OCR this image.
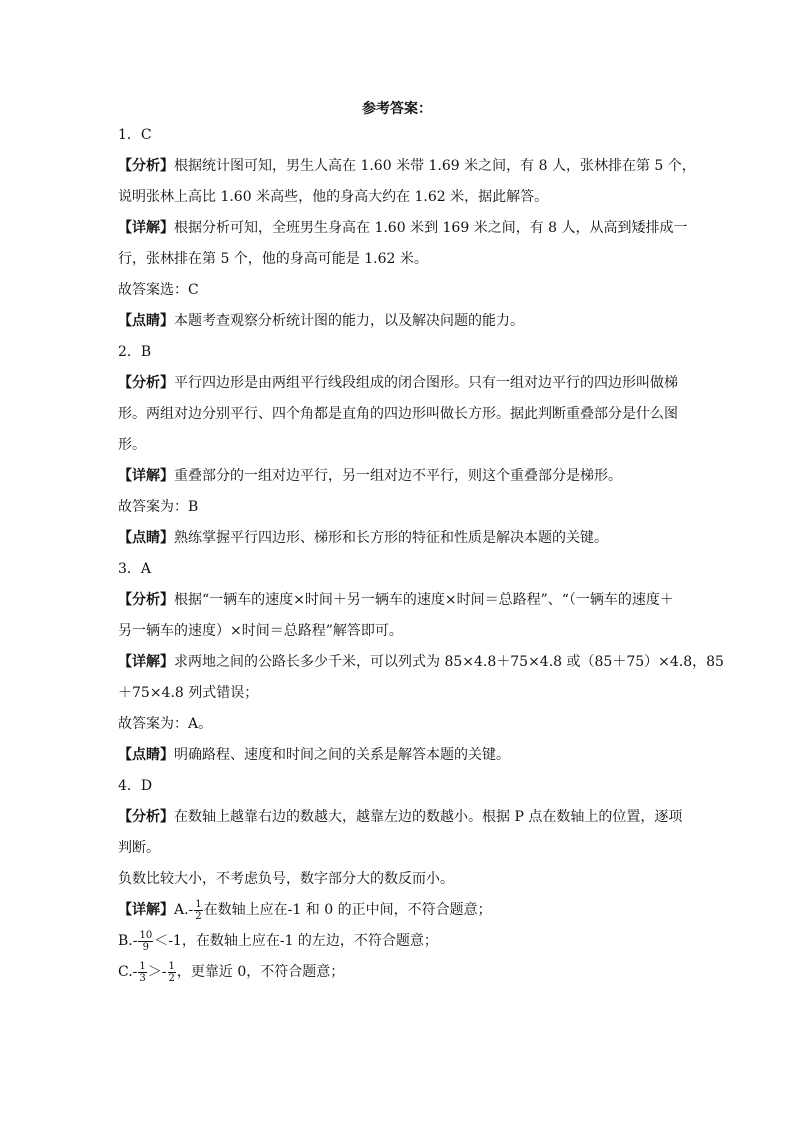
参考答案：
1．C
【分析】根据统计图可知，男生人高在 1.60 米带 1.69 米之间，有 8 人，张林排在第 5 个，
说明张林上高比 1.60 米高些，他的身高大约在 1.62 米，据此解答。
【详解】根据分析可知，全班男生身高在 1.60 米到 169 米之间，有 8 人，从高到矮排成一
行，张林排在第 5 个，他的身高可能是 1.62 米。
故答案选：C
【点睛】本题考查观察分析统计图的能力，以及解决问题的能力。
2．B
【分析】平行四边形是由两组平行线段组成的闭合图形。只有一组对边平行的四边形叫做梯
形。两组对边分别平行、四个角都是直角的四边形叫做长方形。据此判断重叠部分是什么图
形。
【详解】重叠部分的一组对边平行，另一组对边不平行，则这个重叠部分是梯形。
故答案为：B
【点睛】熟练掌握平行四边形、梯形和长方形的特征和性质是解决本题的关键。
3．A
【分析】根据“一辆车的速度×时间＋另一辆车的速度×时间＝总路程”、“（一辆车的速度＋
另一辆车的速度）×时间＝总路程”解答即可。
【详解】求两地之间的公路长多少千米，可以列式为 85×4.8＋75×4.8 或（85＋75）×4.8，85
＋75×4.8 列式错误；
故答案为：A。
【点睛】明确路程、速度和时间之间的关系是解答本题的关键。
4．D
【分析】在数轴上越靠右边的数越大，越靠左边的数越小。根据 P 点在数轴上的位置，逐项
判断。
负数比较大小，不考虑负号，数字部分大的数反而小。
【详解】$A.- \frac{1}{2}$ 在数轴上应在-1 和 0 的正中间，不符合题意；
$B.- \frac{10}{9} <-1$，在数轴上应在-1 的左边，不符合题意；
$C.- \frac{1}{3} >- \frac{1}{2}$ ，更靠近 0，不符合题意；
